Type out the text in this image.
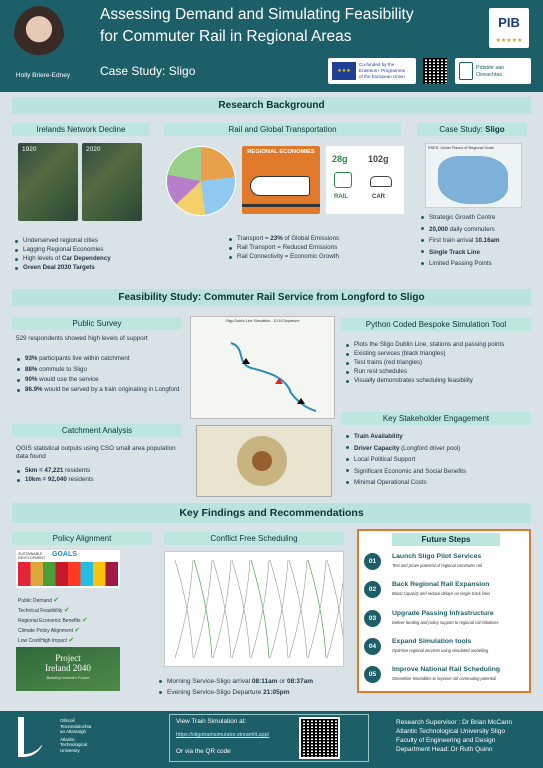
Holly Briere-Edney
Assessing Demand and Simulating Feasibility
for Commuter Rail in Regional Areas
Case Study: Sligo
PIB
★★★★★
★★★
Co-funded by the
Erasmus+ Programme
of the European Union
Pdistéir san Oireachtas
Research Background
Irelands Network Decline
1920	2020
Underserved regional cities
Lagging Regional Economies
High levels of Car Dependency
Green Deal 2030 Targets
Rail and Global Transportation
REGIONAL ECONOMIES
28g 102g
RAIL	CAR
Transport = 23% of Global Emissions
Rail Transport = Reduced Emissions
Rail Connectivity = Economic Growth
Case Study: Sligo
RSES: Urban Places of Regional Scale
Strategic Growth Centre
20,000 daily commuters
First train arrival 10.16am
Single Track Line
Limited Passing Points
Feasibility Study: Commuter Rail Service from Longford to Sligo
Public Survey
529 respondents showed high levels of support
93% participants live within catchment
88% commute to Sligo
90% would use the service
86.9% would be served by a train originating in Longford
Catchment Analysis
QGIS statistical outputs using CSO small area population data found
5km = 47,221 residents
10km = 92,040 residents
Sligo Dublin Line Simulation - 10:16 Departure	Python Coded Bespoke Simulation Tool
Plots the Sligo Dublin Line, stations and passing points
Existing services (black triangles)
Test trains (red triangles)
Run rest schedules
Visually demonstrates scheduling feasibility
Key Stakeholder Engagement
Train Availability
Driver Capacity (Longford driver pool)
Local Political Support
Significant Economic and Social Benefits
Minimal Operational Costs
Key Findings and Recommendations
Policy Alignment
SUSTAINABLE
DEVELOPMENT GOALS
Public Demand ✔
Technical Feasibility ✔
Regional Economic Benefits ✔
Climate Policy Alignment ✔
Low Cost/High Impact ✔
Project
Ireland 2040
Building Ireland's Future
Conflict Free Scheduling
Morning Service-Sligo arrival 08:11am or 08:37am
Evening Service-Sligo Departure 21:05pm
Future Steps
01
Launch Sligo Pilot Services
Test and prove potential of regional commuter rail
02
Back Regional Rail Expansion
Boost capacity and reduce delays on single track lines
03
Upgrade Passing Infrastructure
Deliver funding and policy support to regional rail initiatives
04
Expand Simulation tools
Optimise regional services using simulated modelling
05
Improve National Rail Scheduling
Streamline timetables to improve rail commuting potential
Ollscoil
Teicneolaíochta
an Atlantaigh
Atlantic
Technological
University
View Train Simulation at:
https://sligotrainsimulator.streamlit.app/
Or via the QR code
Research Supervisor : Dr Brian McCann
Atlantic Technological University Sligo
Faculty of Engineering and Design
Department Head: Dr Ruth Quinn
